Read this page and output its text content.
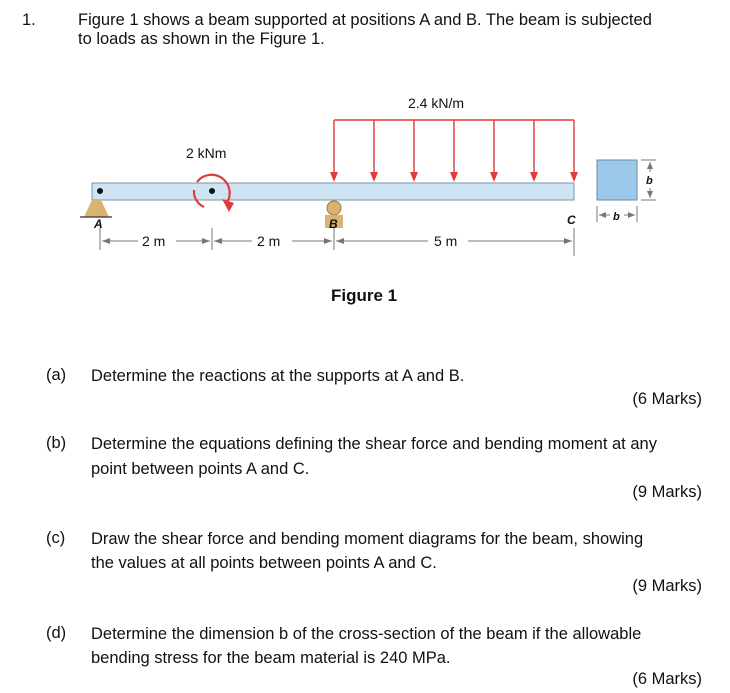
1.	Figure 1 shows a beam supported at positions A and B. The beam is subjected
to loads as shown in the Figure 1.
2.4 kN/m
2 kNm
A	B	C
2 m	2 m	5 m
b
b
Figure 1
(a) Determine the reactions at the supports at A and B.
(6 Marks)
(b) Determine the equations defining the shear force and bending moment at any
point between points A and C.
(9 Marks)
(c) Draw the shear force and bending moment diagrams for the beam, showing
the values at all points between points A and C.
(9 Marks)
(d) Determine the dimension b of the cross-section of the beam if the allowable
bending stress for the beam material is 240 MPa.
(6 Marks)
